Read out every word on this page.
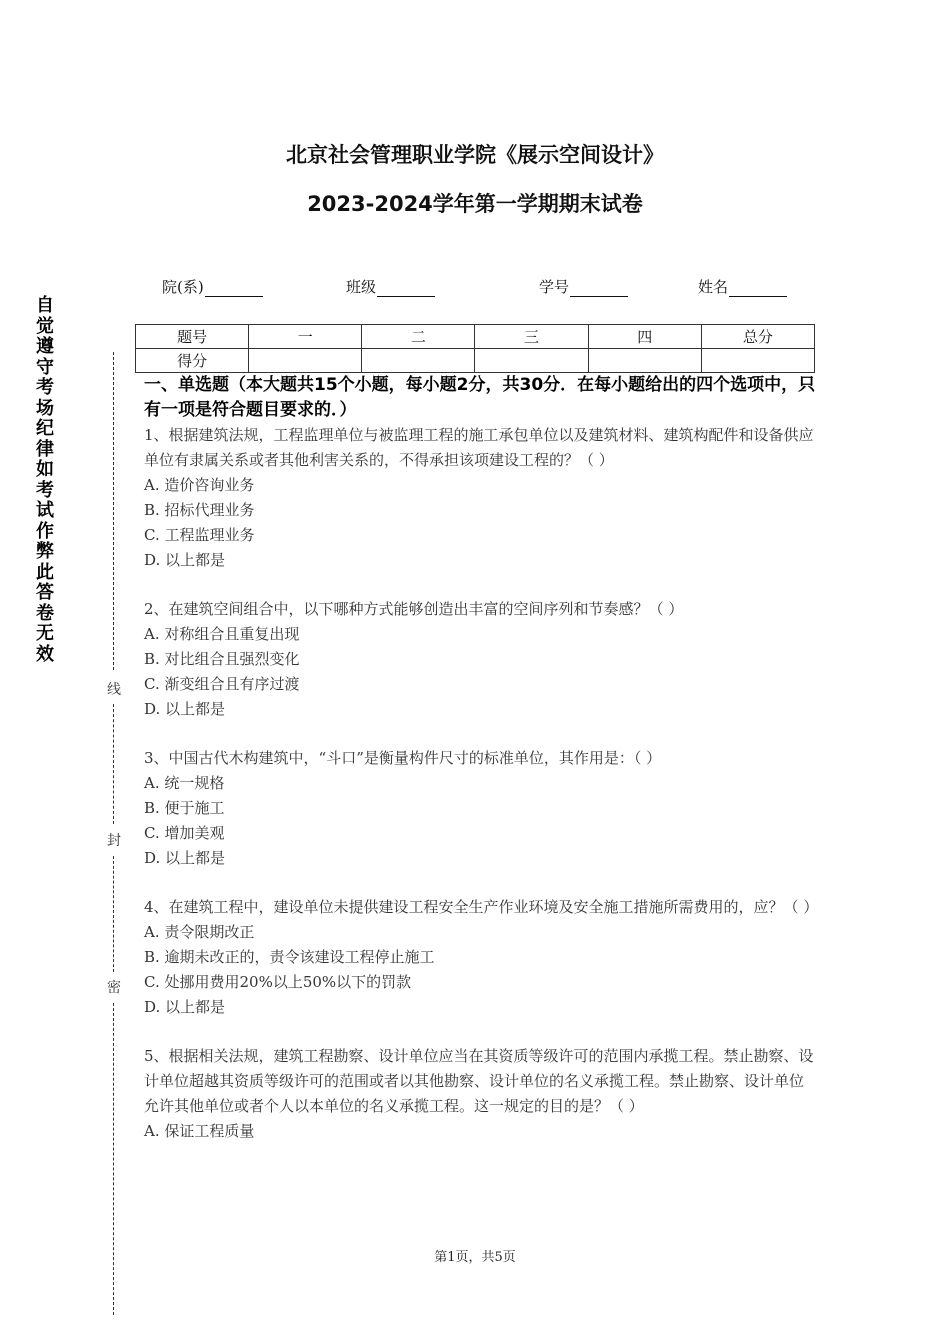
北京社会管理职业学院《展示空间设计》
2023-2024学年第一学期期末试卷
院(系)	班级	学号	姓名
题号	一	二	三	四	总分
得分					
自觉遵守考场纪律如考试作弊此答卷无效
线
封
密
一、单选题（本大题共15个小题，每小题2分，共30分．在每小题给出的四个选项中，只有一项是符合题目要求的．）
1、根据建筑法规，工程监理单位与被监理工程的施工承包单位以及建筑材料、建筑构配件和设备供应单位有隶属关系或者其他利害关系的，不得承担该项建设工程的？（ ）
A. 造价咨询业务
B. 招标代理业务
C. 工程监理业务
D. 以上都是
2、在建筑空间组合中，以下哪种方式能够创造出丰富的空间序列和节奏感？（ ）
A. 对称组合且重复出现
B. 对比组合且强烈变化
C. 渐变组合且有序过渡
D. 以上都是
3、中国古代木构建筑中，“斗口”是衡量构件尺寸的标准单位，其作用是：（ ）
A. 统一规格
B. 便于施工
C. 增加美观
D. 以上都是
4、在建筑工程中，建设单位未提供建设工程安全生产作业环境及安全施工措施所需费用的，应？（ ）
A. 责令限期改正
B. 逾期未改正的，责令该建设工程停止施工
C. 处挪用费用20%以上50%以下的罚款
D. 以上都是
5、根据相关法规，建筑工程勘察、设计单位应当在其资质等级许可的范围内承揽工程。禁止勘察、设计单位超越其资质等级许可的范围或者以其他勘察、设计单位的名义承揽工程。禁止勘察、设计单位允许其他单位或者个人以本单位的名义承揽工程。这一规定的目的是？（ ）
A. 保证工程质量
第1页，共5页
